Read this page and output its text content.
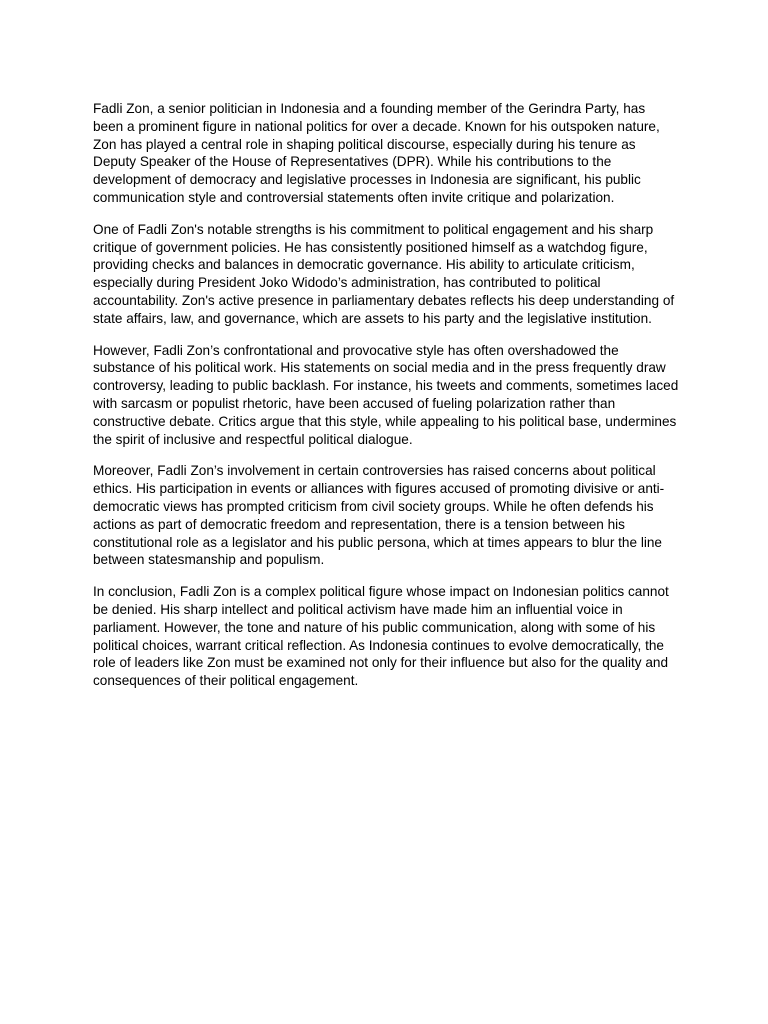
Fadli Zon, a senior politician in Indonesia and a founding member of the Gerindra Party, has been a prominent figure in national politics for over a decade. Known for his outspoken nature, Zon has played a central role in shaping political discourse, especially during his tenure as Deputy Speaker of the House of Representatives (DPR). While his contributions to the development of democracy and legislative processes in Indonesia are significant, his public communication style and controversial statements often invite critique and polarization.

One of Fadli Zon's notable strengths is his commitment to political engagement and his sharp critique of government policies. He has consistently positioned himself as a watchdog figure, providing checks and balances in democratic governance. His ability to articulate criticism, especially during President Joko Widodo’s administration, has contributed to political accountability. Zon's active presence in parliamentary debates reflects his deep understanding of state affairs, law, and governance, which are assets to his party and the legislative institution.

However, Fadli Zon’s confrontational and provocative style has often overshadowed the substance of his political work. His statements on social media and in the press frequently draw controversy, leading to public backlash. For instance, his tweets and comments, sometimes laced with sarcasm or populist rhetoric, have been accused of fueling polarization rather than constructive debate. Critics argue that this style, while appealing to his political base, undermines the spirit of inclusive and respectful political dialogue.

Moreover, Fadli Zon’s involvement in certain controversies has raised concerns about political ethics. His participation in events or alliances with figures accused of promoting divisive or anti-democratic views has prompted criticism from civil society groups. While he often defends his actions as part of democratic freedom and representation, there is a tension between his constitutional role as a legislator and his public persona, which at times appears to blur the line between statesmanship and populism.

In conclusion, Fadli Zon is a complex political figure whose impact on Indonesian politics cannot be denied. His sharp intellect and political activism have made him an influential voice in parliament. However, the tone and nature of his public communication, along with some of his political choices, warrant critical reflection. As Indonesia continues to evolve democratically, the role of leaders like Zon must be examined not only for their influence but also for the quality and consequences of their political engagement.
